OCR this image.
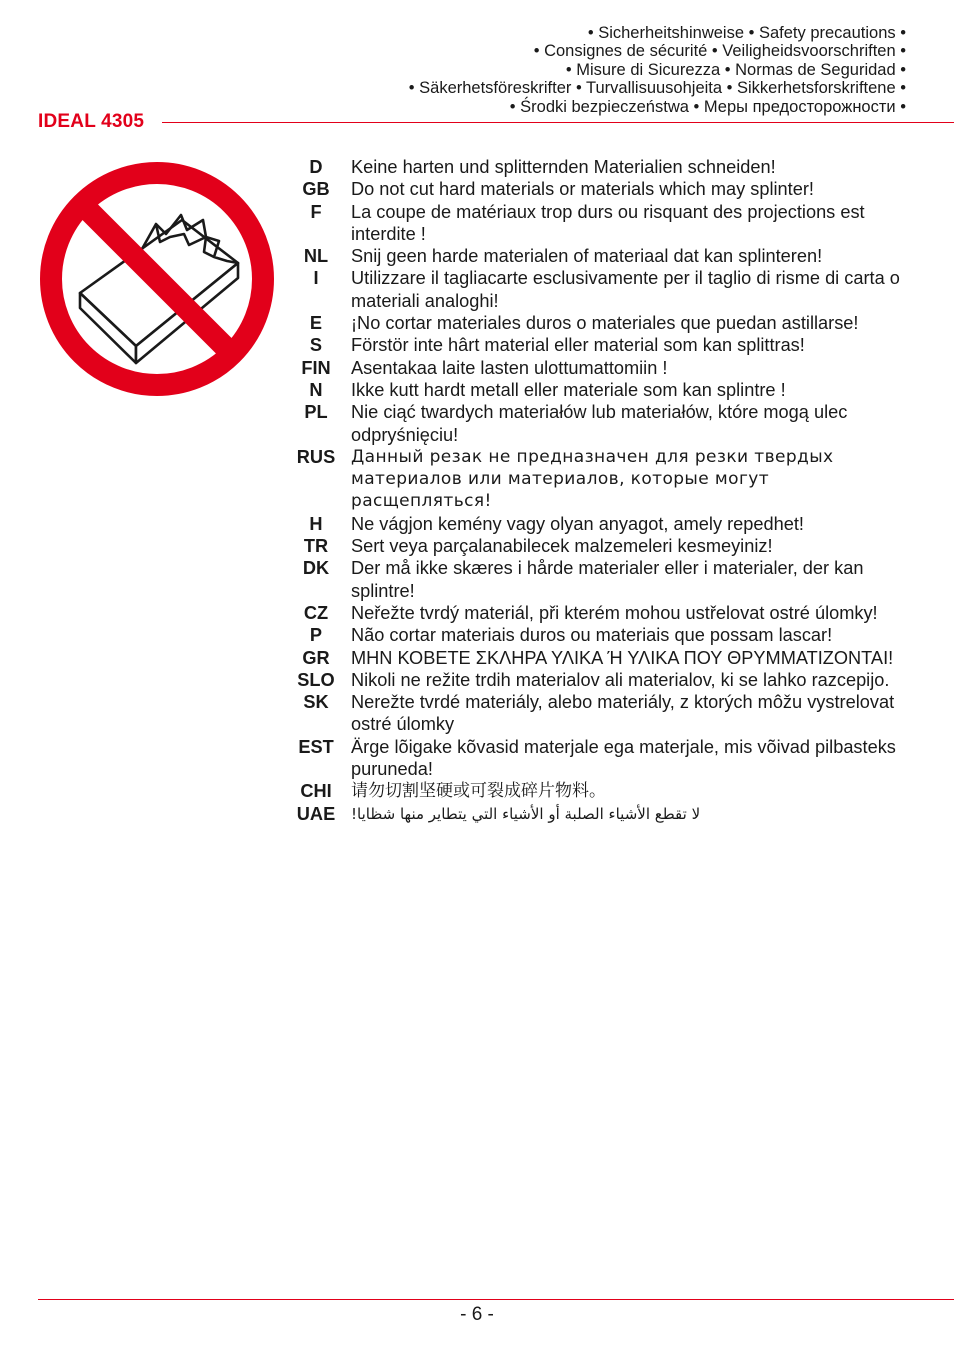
• Sicherheitshinweise • Safety precautions •
• Consignes de sécurité • Veiligheidsvoorschriften •
• Misure di Sicurezza • Normas de Seguridad •
• Säkerhetsföreskrifter • Turvallisuusohjeita • Sikkerhetsforskriftene •
• Środki bezpieczeństwa • Меры предосторожности •
IDEAL 4305
D	Keine harten und splitternden Materialien schneiden!
GB	Do not cut hard materials or materials which may splinter!
F	La coupe de matériaux trop durs ou risquant des projections est interdite !
NL	Snij geen harde materialen of materiaal dat kan splinteren!
I	Utilizzare il tagliacarte esclusivamente per il taglio di risme di carta o materiali analoghi!
E	¡No cortar materiales duros o materiales que puedan astillarse!
S	Förstör inte hârt material eller material som kan splittras!
FIN	Asentakaa laite lasten ulottumattomiin !
N	Ikke kutt hardt metall eller materiale som kan splintre !
PL	Nie ciąć twardych materiałów lub materiałów, które mogą ulec odpryśnięciu!
RUS Данный резак не предназначен для резки твердых материалов или материалов, которые могут расщепляться!
H	Ne vágjon kemény vagy olyan anyagot, amely repedhet!
TR	Sert veya parçalanabilecek malzemeleri kesmeyiniz!
DK	Der må ikke skæres i hårde materialer eller i materialer, der kan splintre!
CZ	Neřežte tvrdý materiál, při kterém mohou ustřelovat ostré úlomky!
P	Não cortar materiais duros ou materiais que possam lascar!
GR	ΜΗΝ ΚΟΒΕΤΕ ΣΚΛΗΡΑ ΥΛΙΚΑ Ή ΥΛΙΚΑ ΠΟΥ ΘΡΥΜΜΑΤΙΖΟΝΤΑΙ!
SLO Nikoli ne režite trdih materialov ali materialov, ki se lahko razcepijo.
SK	Nerežte tvrdé materiály, alebo materiály, z ktorých môžu vystrelovat ostré úlomky
EST Ärge lõigake kõvasid materjale ega materjale, mis võivad pilbasteks puruneda!
CHI	请勿切割坚硬或可裂成碎片物料。
UAE	لا تقطع الأشياء الصلبة أو الأشياء التي يتطاير منها شظايا!
- 6 -
